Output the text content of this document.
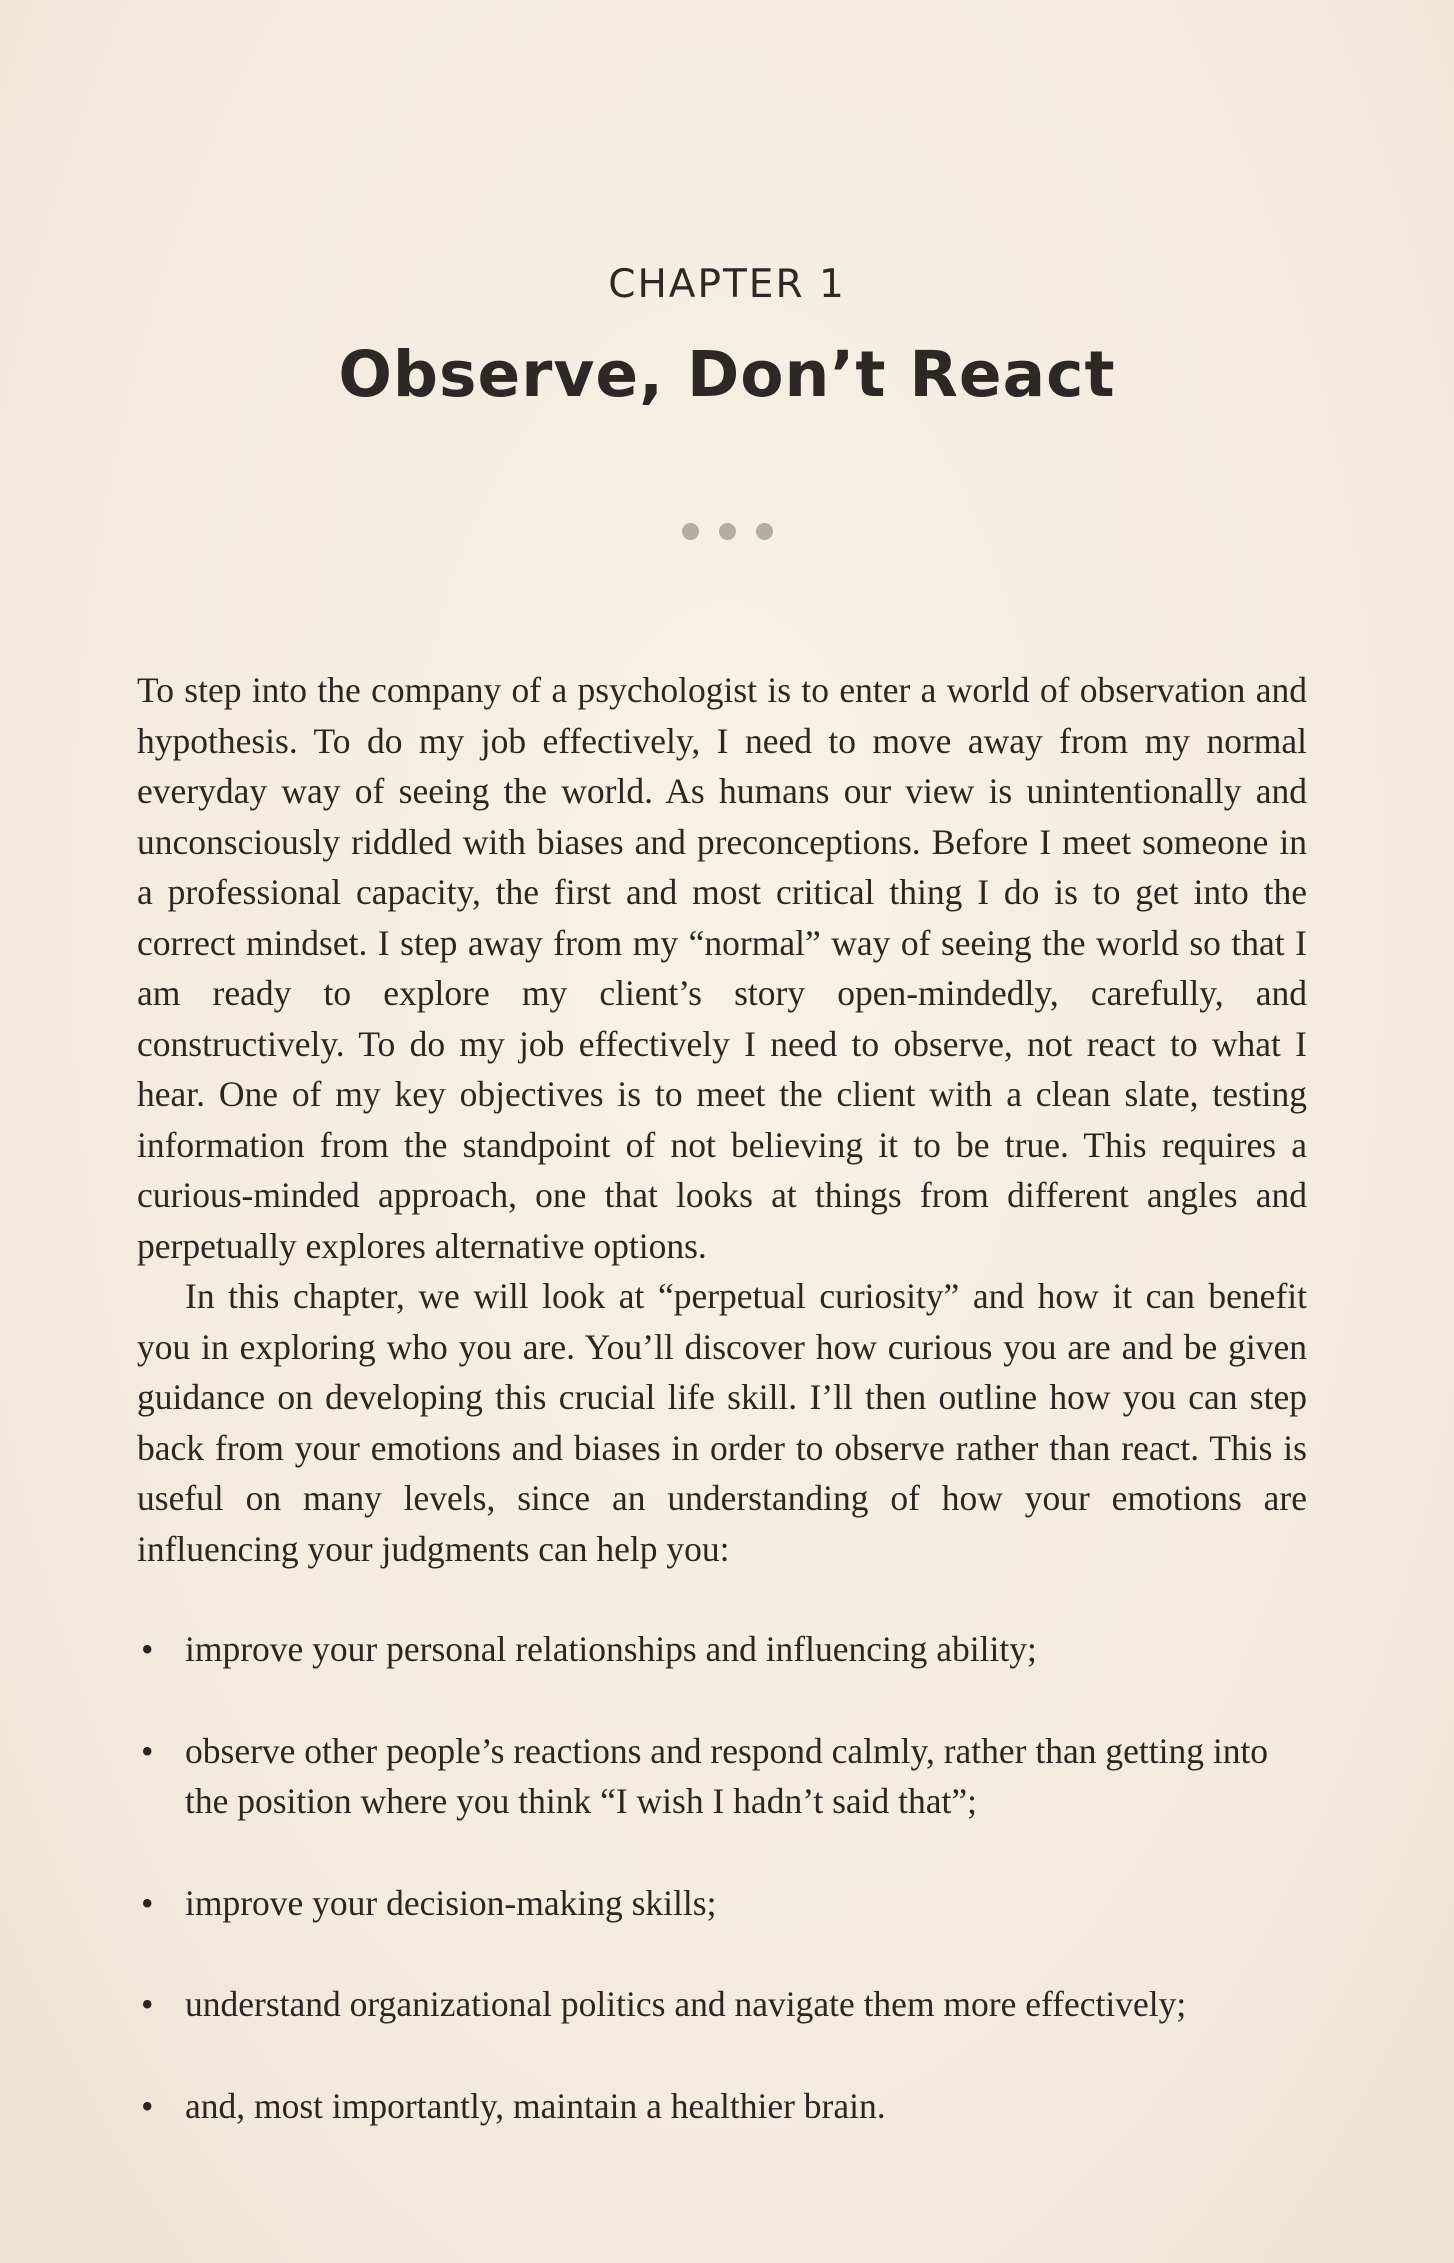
CHAPTER 1
Observe, Don’t React

To step into the company of a psychologist is to enter a world of observation and hypothesis. To do my job effectively, I need to move away from my normal everyday way of seeing the world. As humans our view is unintentionally and unconsciously riddled with biases and preconceptions. Before I meet someone in a professional capacity, the first and most critical thing I do is to get into the correct mindset. I step away from my “normal” way of seeing the world so that I am ready to explore my client’s story open-mindedly, carefully, and constructively. To do my job effectively I need to observe, not react to what I hear. One of my key objectives is to meet the client with a clean slate, testing information from the standpoint of not believing it to be true. This requires a curious-minded approach, one that looks at things from different angles and perpetually explores alternative options.

In this chapter, we will look at “perpetual curiosity” and how it can benefit you in exploring who you are. You’ll discover how curious you are and be given guidance on developing this crucial life skill. I’ll then outline how you can step back from your emotions and biases in order to observe rather than react. This is useful on many levels, since an understanding of how your emotions are influencing your judgments can help you:

• improve your personal relationships and influencing ability;
• observe other people’s reactions and respond calmly, rather than getting into the position where you think “I wish I hadn’t said that”;
• improve your decision-making skills;
• understand organizational politics and navigate them more effectively;
• and, most importantly, maintain a healthier brain.
